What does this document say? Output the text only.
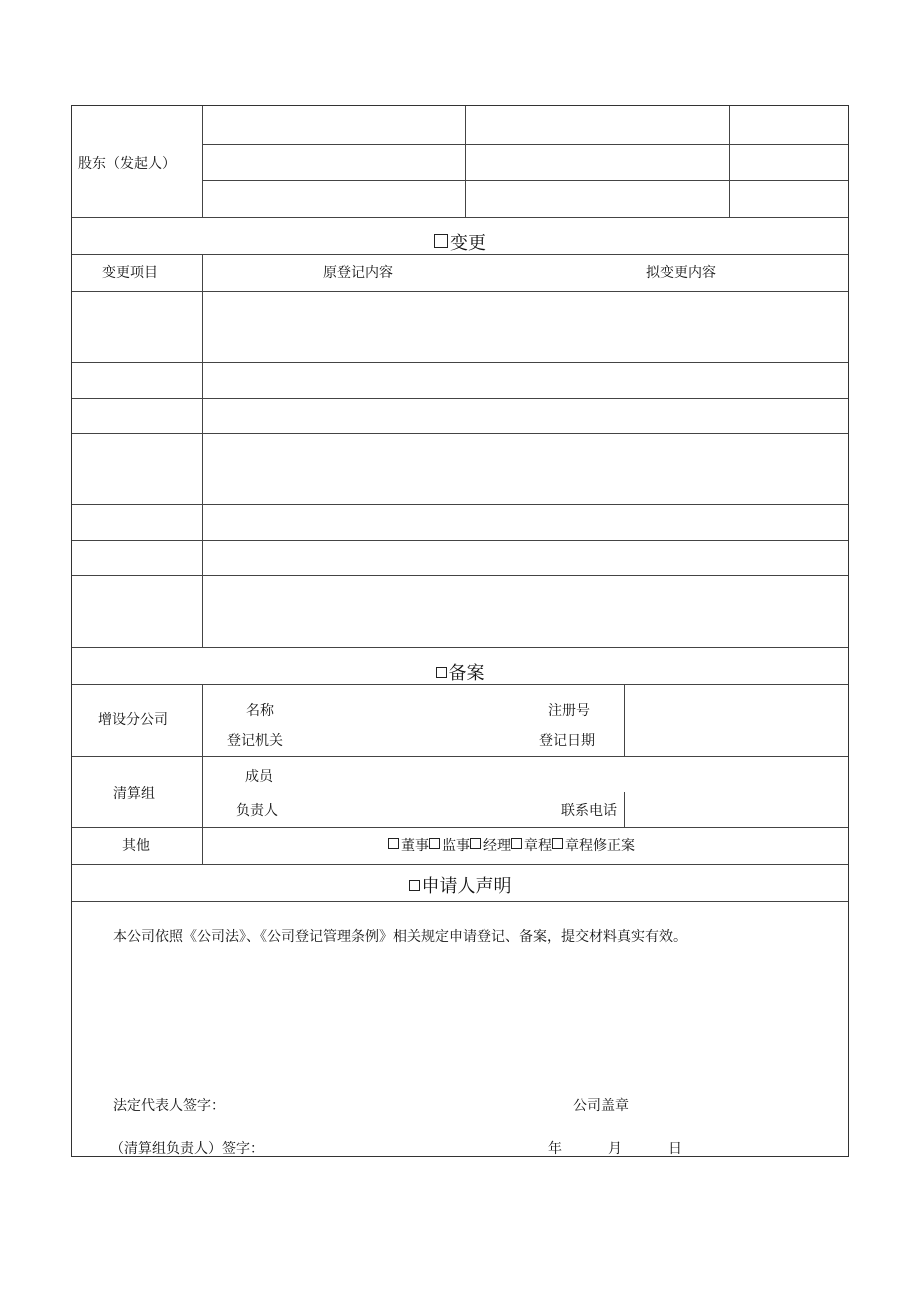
股东（发起人）
变更
变更项目	原登记内容	拟变更内容
备案
增设分公司
名称	注册号
登记机关	登记日期
清算组
成员
负责人	联系电话
其他	董事 监事 经理 章程 章程修正案
申请人声明
本公司依照《公司法》、《公司登记管理条例》相关规定申请登记、备案，提交材料真实有效。
法定代表人签字：	公司盖章
（清算组负责人）签字：	年	月	日
